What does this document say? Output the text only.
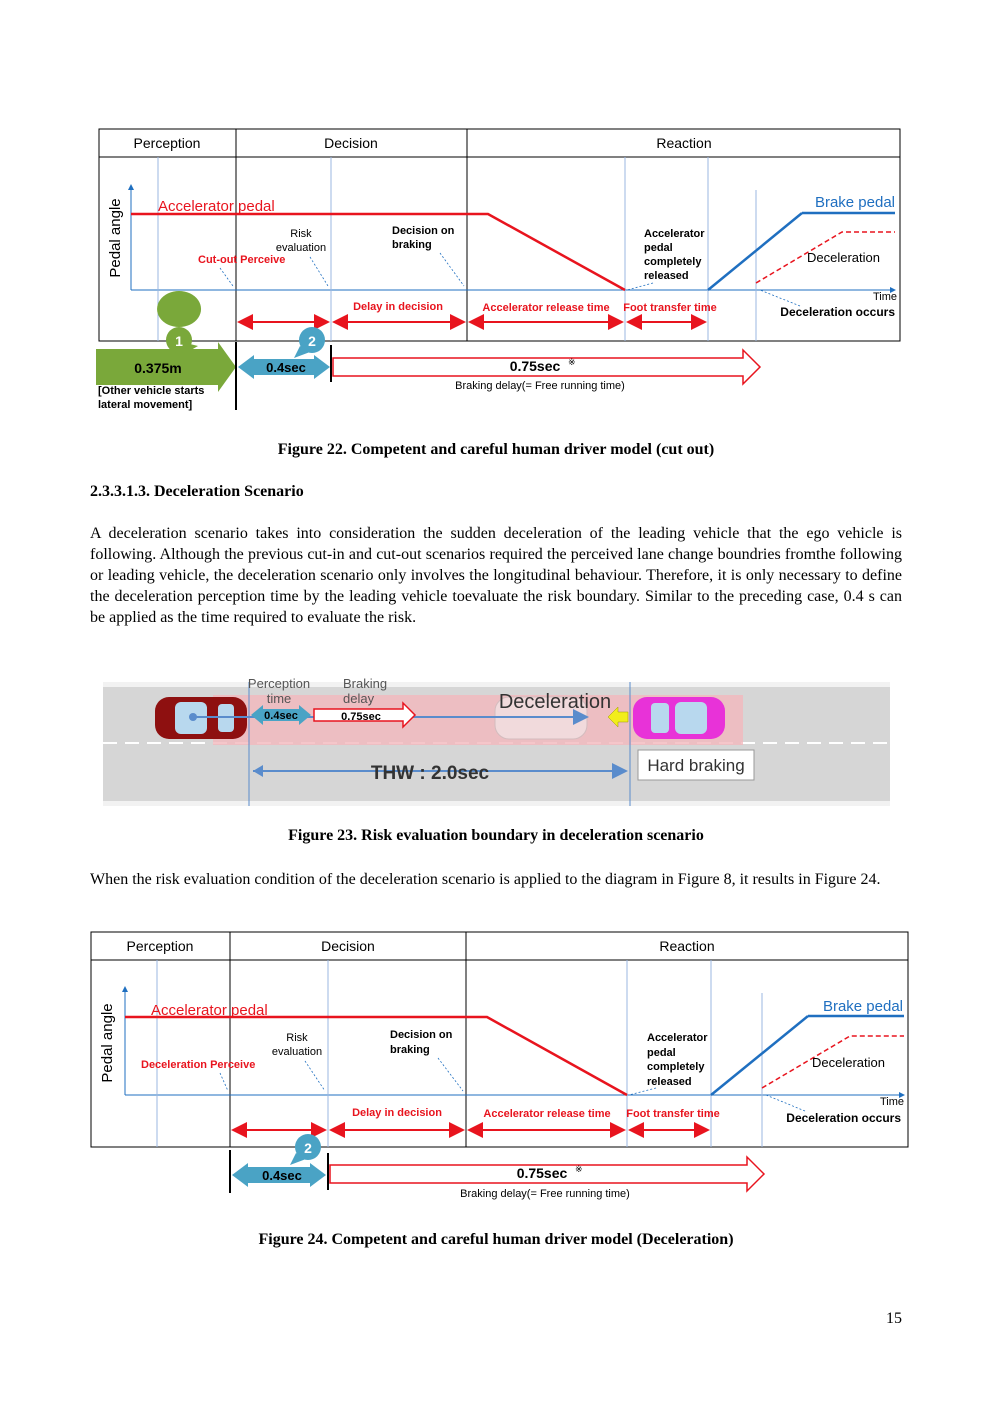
Perception	Decision	Reaction
Pedal angle
Time
Accelerator pedal	Brake pedal
Deceleration
Cut-out Perceive
Risk
evaluation
Decision on
braking
Accelerator
pedal
completely
released
Delay in decision	Accelerator release time Foot transfer time	Deceleration occurs
0.375m
1
0.4sec
2
0.75sec ※
Braking delay(= Free running time)
[Other vehicle starts
lateral movement]
Figure 22. Competent and careful human driver model (cut out)
2.3.3.1.3. Deceleration Scenario
A deceleration scenario takes into consideration the sudden deceleration of the leading vehicle that the ego vehicle is following. Although the previous cut-in and cut-out scenarios required the perceived lane change boundries fromthe following or leading vehicle, the deceleration scenario only involves the longitudinal behaviour. Therefore, it is only necessary to define the deceleration perception time by the leading vehicle toevaluate the risk boundary. Similar to the preceding case, 0.4 s can be applied as the time required to evaluate the risk.
Deceleration
0.4sec	0.75sec
Perception
time
Braking
delay
THW : 2.0sec	Hard braking
Figure 23. Risk evaluation boundary in deceleration scenario
When the risk evaluation condition of the deceleration scenario is applied to the diagram in Figure 8, it results in Figure 24.
Perception	Decision	Reaction
Pedal angle
Time
Accelerator pedal	Brake pedal
Deceleration
Deceleration Perceive
Risk
evaluation
Decision on
braking
Accelerator
pedal
completely
released
Delay in decision	Accelerator release time Foot transfer time	Deceleration occurs
0.4sec
2
0.75sec ※
Braking delay(= Free running time)
Figure 24. Competent and careful human driver model (Deceleration)
15
